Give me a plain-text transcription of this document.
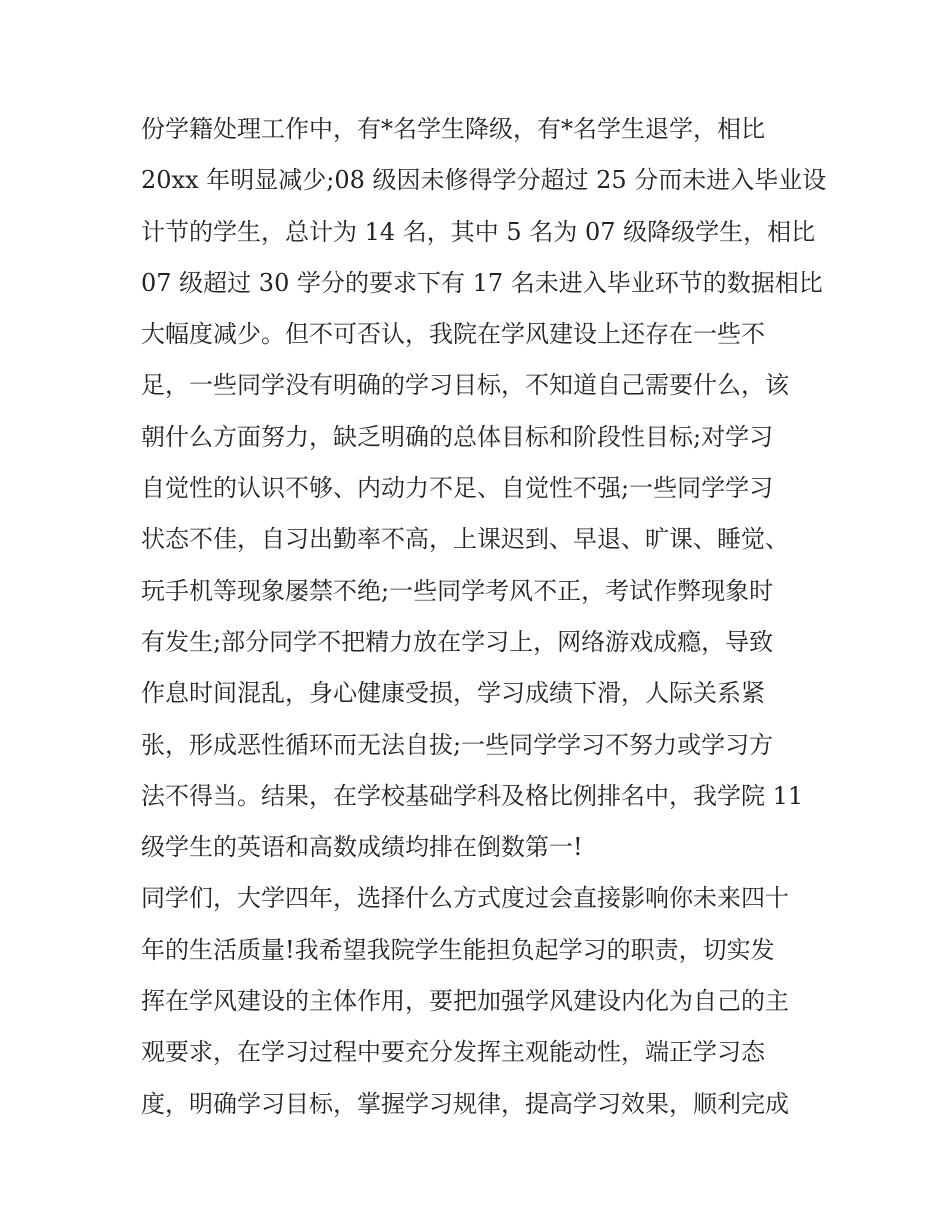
份学籍处理工作中，有*名学生降级，有*名学生退学，相比
20xx 年明显减少;08 级因未修得学分超过 25 分而未进入毕业设
计节的学生，总计为 14 名，其中 5 名为 07 级降级学生，相比
07 级超过 30 学分的要求下有 17 名未进入毕业环节的数据相比
大幅度减少。但不可否认，我院在学风建设上还存在一些不
足，一些同学没有明确的学习目标，不知道自己需要什么，该
朝什么方面努力，缺乏明确的总体目标和阶段性目标;对学习
自觉性的认识不够、内动力不足、自觉性不强;一些同学学习
状态不佳，自习出勤率不高，上课迟到、早退、旷课、睡觉、
玩手机等现象屡禁不绝;一些同学考风不正，考试作弊现象时
有发生;部分同学不把精力放在学习上，网络游戏成瘾，导致
作息时间混乱，身心健康受损，学习成绩下滑，人际关系紧
张，形成恶性循环而无法自拔;一些同学学习不努力或学习方
法不得当。结果，在学校基础学科及格比例排名中，我学院 11
级学生的英语和高数成绩均排在倒数第一!
同学们，大学四年，选择什么方式度过会直接影响你未来四十
年的生活质量!我希望我院学生能担负起学习的职责，切实发
挥在学风建设的主体作用，要把加强学风建设内化为自己的主
观要求，在学习过程中要充分发挥主观能动性，端正学习态
度，明确学习目标，掌握学习规律，提高学习效果，顺利完成
